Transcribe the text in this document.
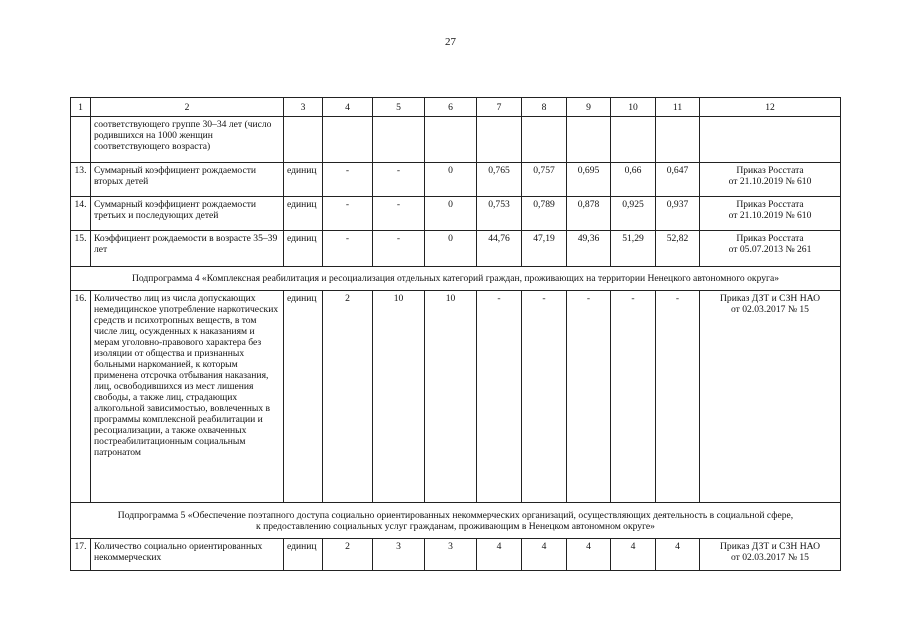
27
1	2	3	4	5	6	7	8	9	10	11	12
	соответствующего группе 30–34 лет (число родившихся на 1000 женщин соответствующего возраста)										
13.	Суммарный коэффициент рождаемости вторых детей	единиц	-	-	0	0,765	0,757	0,695	0,66	0,647	Приказ Росстата
от 21.10.2019 № 610

14.	Суммарный коэффициент рождаемости третьих и последующих детей	единиц	-	-	0	0,753	0,789	0,878	0,925	0,937	Приказ Росстата
от 21.10.2019 № 610

15.	Коэффициент рождаемости в возрасте 35–39 лет	единиц	-	-	0	44,76	47,19	49,36	51,29	52,82	Приказ Росстата
от 05.07.2013 № 261

Подпрограмма 4 «Комплексная реабилитация и ресоциализация отдельных категорий граждан, проживающих на территории Ненецкого автономного округа»											
16.	Количество лиц из числа допускающих немедицинское употребление наркотических средств и психотропных веществ, в том числе лиц, осужденных к наказаниям и мерам уголовно-правового характера без изоляции от общества и признанных больными наркоманией, к которым применена отсрочка отбывания наказания, лиц, освободившихся из мест лишения свободы, а также лиц, страдающих алкогольной зависимостью, вовлеченных в программы комплексной реабилитации и ресоциализации, а также охваченных постреабилитационным социальным патронатом	единиц	2	10	10	-	-	-	-	-	Приказ ДЗТ и СЗН НАО
от 02.03.2017 № 15

Подпрограмма 5 «Обеспечение поэтапного доступа социально ориентированных некоммерческих организаций, осуществляющих деятельность в социальной сфере,
к предоставлению социальных услуг гражданам, проживающим в Ненецком автономном округе»											

17.	Количество социально ориентированных некоммерческих	единиц	2	3	3	4	4	4	4	4	Приказ ДЗТ и СЗН НАО
от 02.03.2017 № 15
